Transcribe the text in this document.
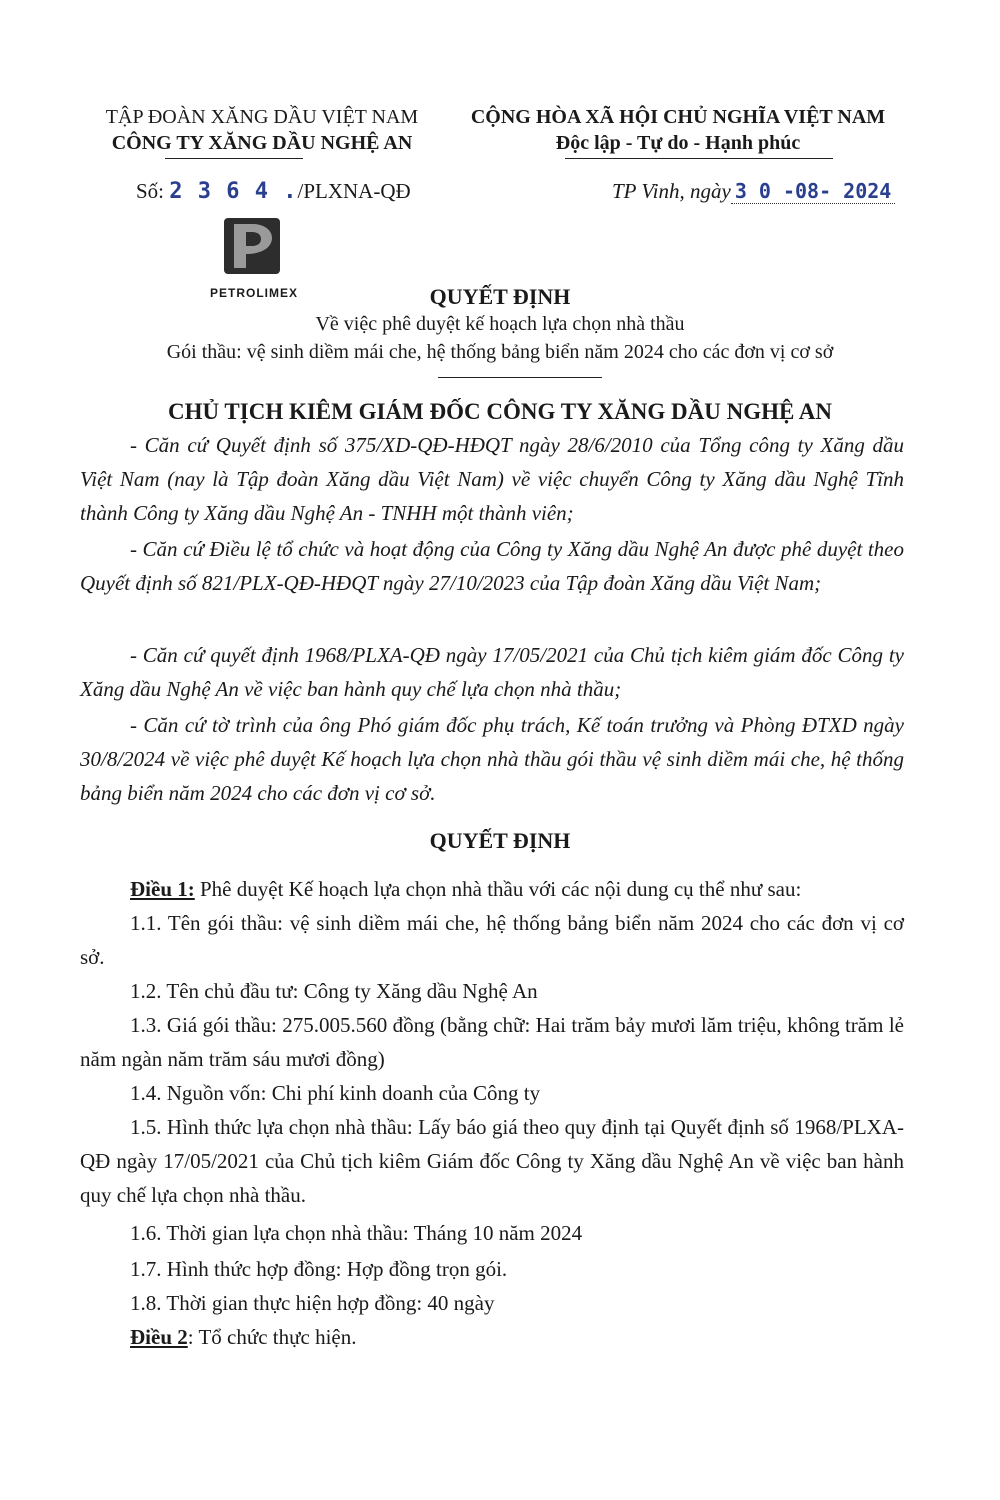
TẬP ĐOÀN XĂNG DẦU VIỆT NAM
CÔNG TY XĂNG DẦU NGHỆ AN
CỘNG HÒA XÃ HỘI CHỦ NGHĨA VIỆT NAM
Độc lập - Tự do - Hạnh phúc
Số: 2 3 6 4 ./PLXNA-QĐ	TP Vinh, ngày 3 0 -08- 2024
PETROLIMEX	QUYẾT ĐỊNH
Về việc phê duyệt kế hoạch lựa chọn nhà thầu
Gói thầu: vệ sinh diềm mái che, hệ thống bảng biển năm 2024 cho các đơn vị cơ sở
CHỦ TỊCH KIÊM GIÁM ĐỐC CÔNG TY XĂNG DẦU NGHỆ AN
- Căn cứ Quyết định số 375/XD-QĐ-HĐQT ngày 28/6/2010 của Tổng công ty Xăng dầu Việt Nam (nay là Tập đoàn Xăng dầu Việt Nam) về việc chuyển Công ty Xăng dầu Nghệ Tĩnh thành Công ty Xăng dầu Nghệ An - TNHH một thành viên;
- Căn cứ Điều lệ tổ chức và hoạt động của Công ty Xăng dầu Nghệ An được phê duyệt theo Quyết định số 821/PLX-QĐ-HĐQT ngày 27/10/2023 của Tập đoàn Xăng dầu Việt Nam;
- Căn cứ quyết định 1968/PLXA-QĐ ngày 17/05/2021 của Chủ tịch kiêm giám đốc Công ty Xăng dầu Nghệ An về việc ban hành quy chế lựa chọn nhà thầu;
- Căn cứ tờ trình của ông Phó giám đốc phụ trách, Kế toán trưởng và Phòng ĐTXD ngày 30/8/2024 về việc phê duyệt Kế hoạch lựa chọn nhà thầu gói thầu vệ sinh diềm mái che, hệ thống bảng biển năm 2024 cho các đơn vị cơ sở.
QUYẾT ĐỊNH
Điều 1: Phê duyệt Kế hoạch lựa chọn nhà thầu với các nội dung cụ thể như sau:
1.1. Tên gói thầu: vệ sinh diềm mái che, hệ thống bảng biển năm 2024 cho các đơn vị cơ sở.
1.2. Tên chủ đầu tư: Công ty Xăng dầu Nghệ An
1.3. Giá gói thầu: 275.005.560 đồng (bằng chữ: Hai trăm bảy mươi lăm triệu, không trăm lẻ năm ngàn năm trăm sáu mươi đồng)
1.4. Nguồn vốn: Chi phí kinh doanh của Công ty
1.5. Hình thức lựa chọn nhà thầu: Lấy báo giá theo quy định tại Quyết định số 1968/PLXA-QĐ ngày 17/05/2021 của Chủ tịch kiêm Giám đốc Công ty Xăng dầu Nghệ An về việc ban hành quy chế lựa chọn nhà thầu.
1.6. Thời gian lựa chọn nhà thầu: Tháng 10 năm 2024
1.7. Hình thức hợp đồng: Hợp đồng trọn gói.
1.8. Thời gian thực hiện hợp đồng: 40 ngày
Điều 2: Tổ chức thực hiện.
